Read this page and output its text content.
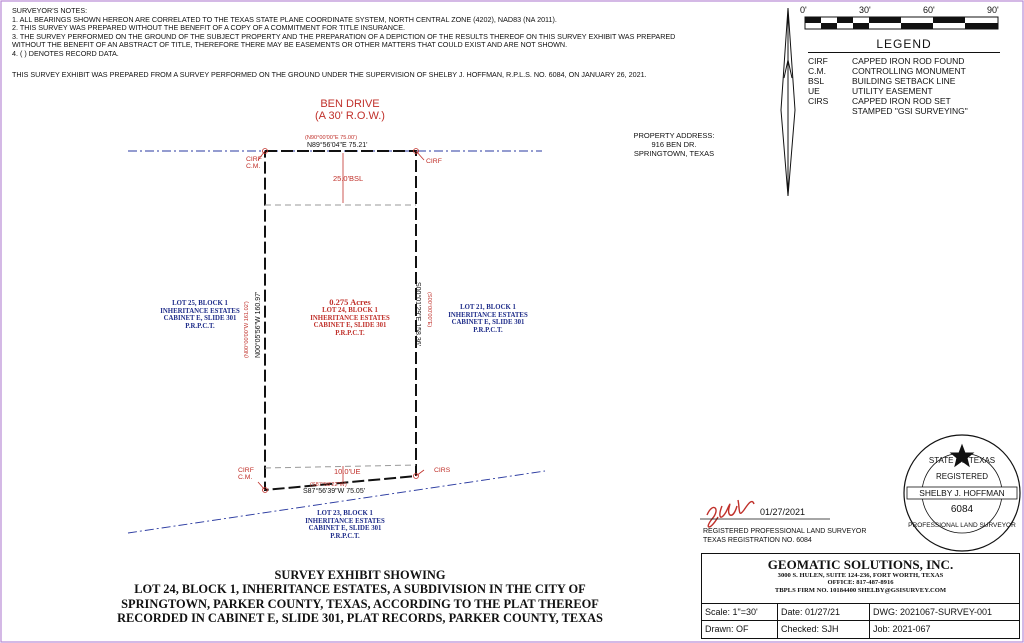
STATE OF TEXAS
REGISTERED
SHELBY J. HOFFMAN
6084
PROFESSIONAL LAND SURVEYOR
0'	30'	60'	90'
SURVEYOR'S NOTES:
1. ALL BEARINGS SHOWN HEREON ARE CORRELATED TO THE TEXAS STATE PLANE COORDINATE SYSTEM, NORTH CENTRAL ZONE (4202), NAD83 (NA 2011).
2. THIS SURVEY WAS PREPARED WITHOUT THE BENEFIT OF A COPY OF A COMMITMENT FOR TITLE INSURANCE.
3. THE SURVEY PERFORMED ON THE GROUND OF THE SUBJECT PROPERTY AND THE PREPARATION OF A DEPICTION OF THE RESULTS THEREOF ON THIS SURVEY EXHIBIT WAS PREPARED
WITHOUT THE BENEFIT OF AN ABSTRACT OF TITLE, THEREFORE THERE MAY BE EASEMENTS OR OTHER MATTERS THAT COULD EXIST AND ARE NOT SHOWN.
4. ( ) DENOTES RECORD DATA.
THIS SURVEY EXHIBIT WAS PREPARED FROM A SURVEY PERFORMED ON THE GROUND UNDER THE SUPERVISION OF SHELBY J. HOFFMAN, R.P.L.S. NO. 6084, ON JANUARY 26, 2021.
LEGEND
CIRF	CAPPED IRON ROD FOUND
C.M.	CONTROLLING MONUMENT
BSL	BUILDING SETBACK LINE
UE	UTILITY EASEMENT
CIRS	CAPPED IRON ROD SET
STAMPED "GSI SURVEYING"
BEN DRIVE
(A 30' R.O.W.)
PROPERTY ADDRESS:
916 BEN DR.
SPRINGTOWN, TEXAS
(N90°00'00"E 75.00')
N89°56'04"E 75.21'
(S87°58'22"W)
S87°56'39"W 75.05'
N00°05'56"W 160.97'
(N00°00'00"W 161.02')	S00°01'29"E 158.36' (S00°00'00"E)
25.0'BSL
10.0'UE
CIRF
C.M.
CIRF
CIRF
C.M.
CIRS
0.275 Acres
LOT 24, BLOCK 1
INHERITANCE ESTATES
CABINET E, SLIDE 301
P.R.P.C.T.
LOT 25, BLOCK 1
INHERITANCE ESTATES
CABINET E, SLIDE 301
P.R.P.C.T.
LOT 21, BLOCK 1
INHERITANCE ESTATES
CABINET E, SLIDE 301
P.R.P.C.T.
LOT 23, BLOCK 1
INHERITANCE ESTATES
CABINET E, SLIDE 301
P.R.P.C.T.
SURVEY EXHIBIT SHOWING
LOT 24, BLOCK 1, INHERITANCE ESTATES, A SUBDIVISION IN THE CITY OF
SPRINGTOWN, PARKER COUNTY, TEXAS, ACCORDING TO THE PLAT THEREOF
RECORDED IN CABINET E, SLIDE 301, PLAT RECORDS, PARKER COUNTY, TEXAS
01/27/2021
REGISTERED PROFESSIONAL LAND SURVEYOR
TEXAS REGISTRATION NO. 6084
GEOMATIC SOLUTIONS, INC.
3000 S. HULEN, SUITE 124-236, FORT WORTH, TEXAS
OFFICE: 817-487-8916
TBPLS FIRM NO. 10184400 SHELBY@GSISURVEY.COM
Scale: 1"=30'	Date: 01/27/21	DWG: 2021067-SURVEY-001
Drawn: OF	Checked: SJH	Job: 2021-067
